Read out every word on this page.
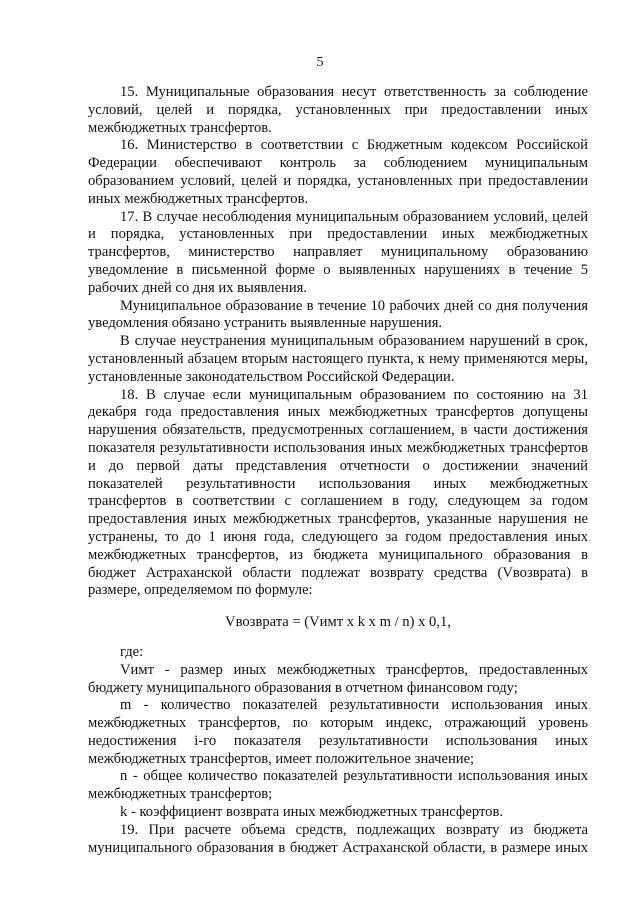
5

15. Муниципальные образования несут ответственность за соблюдение условий, целей и порядка, установленных при предоставлении иных межбюджетных трансфертов.

16. Министерство в соответствии с Бюджетным кодексом Российской Федерации обеспечивают контроль за соблюдением муниципальным образованием условий, целей и порядка, установленных при предоставлении иных межбюджетных трансфертов.

17. В случае несоблюдения муниципальным образованием условий, целей и порядка, установленных при предоставлении иных межбюджетных трансфертов, министерство направляет муниципальному образованию уведомление в письменной форме о выявленных нарушениях в течение 5 рабочих дней со дня их выявления.

Муниципальное образование в течение 10 рабочих дней со дня получения уведомления обязано устранить выявленные нарушения.

В случае неустранения муниципальным образованием нарушений в срок, установленный абзацем вторым настоящего пункта, к нему применяются меры, установленные законодательством Российской Федерации.

18. В случае если муниципальным образованием по состоянию на 31 декабря года предоставления иных межбюджетных трансфертов допущены нарушения обязательств, предусмотренных соглашением, в части достижения показателя результативности использования иных межбюджетных трансфертов и до первой даты представления отчетности о достижении значений показателей результативности использования иных межбюджетных трансфертов в соответствии с соглашением в году, следующем за годом предоставления иных межбюджетных трансфертов, указанные нарушения не устранены, то до 1 июня года, следующего за годом предоставления иных межбюджетных трансфертов, из бюджета муниципального образования в бюджет Астраханской области подлежат возврату средства (Vвозврата) в размере, определяемом по формуле:

Vвозврата = (Vимт x k x m / n) x 0,1,

где:

Vимт - размер иных межбюджетных трансфертов, предоставленных бюджету муниципального образования в отчетном финансовом году;

m - количество показателей результативности использования иных межбюджетных трансфертов, по которым индекс, отражающий уровень недостижения i-го показателя результативности использования иных межбюджетных трансфертов, имеет положительное значение;

n - общее количество показателей результативности использования иных межбюджетных трансфертов;

k - коэффициент возврата иных межбюджетных трансфертов.

19. При расчете объема средств, подлежащих возврату из бюджета муниципального образования в бюджет Астраханской области, в размере иных
